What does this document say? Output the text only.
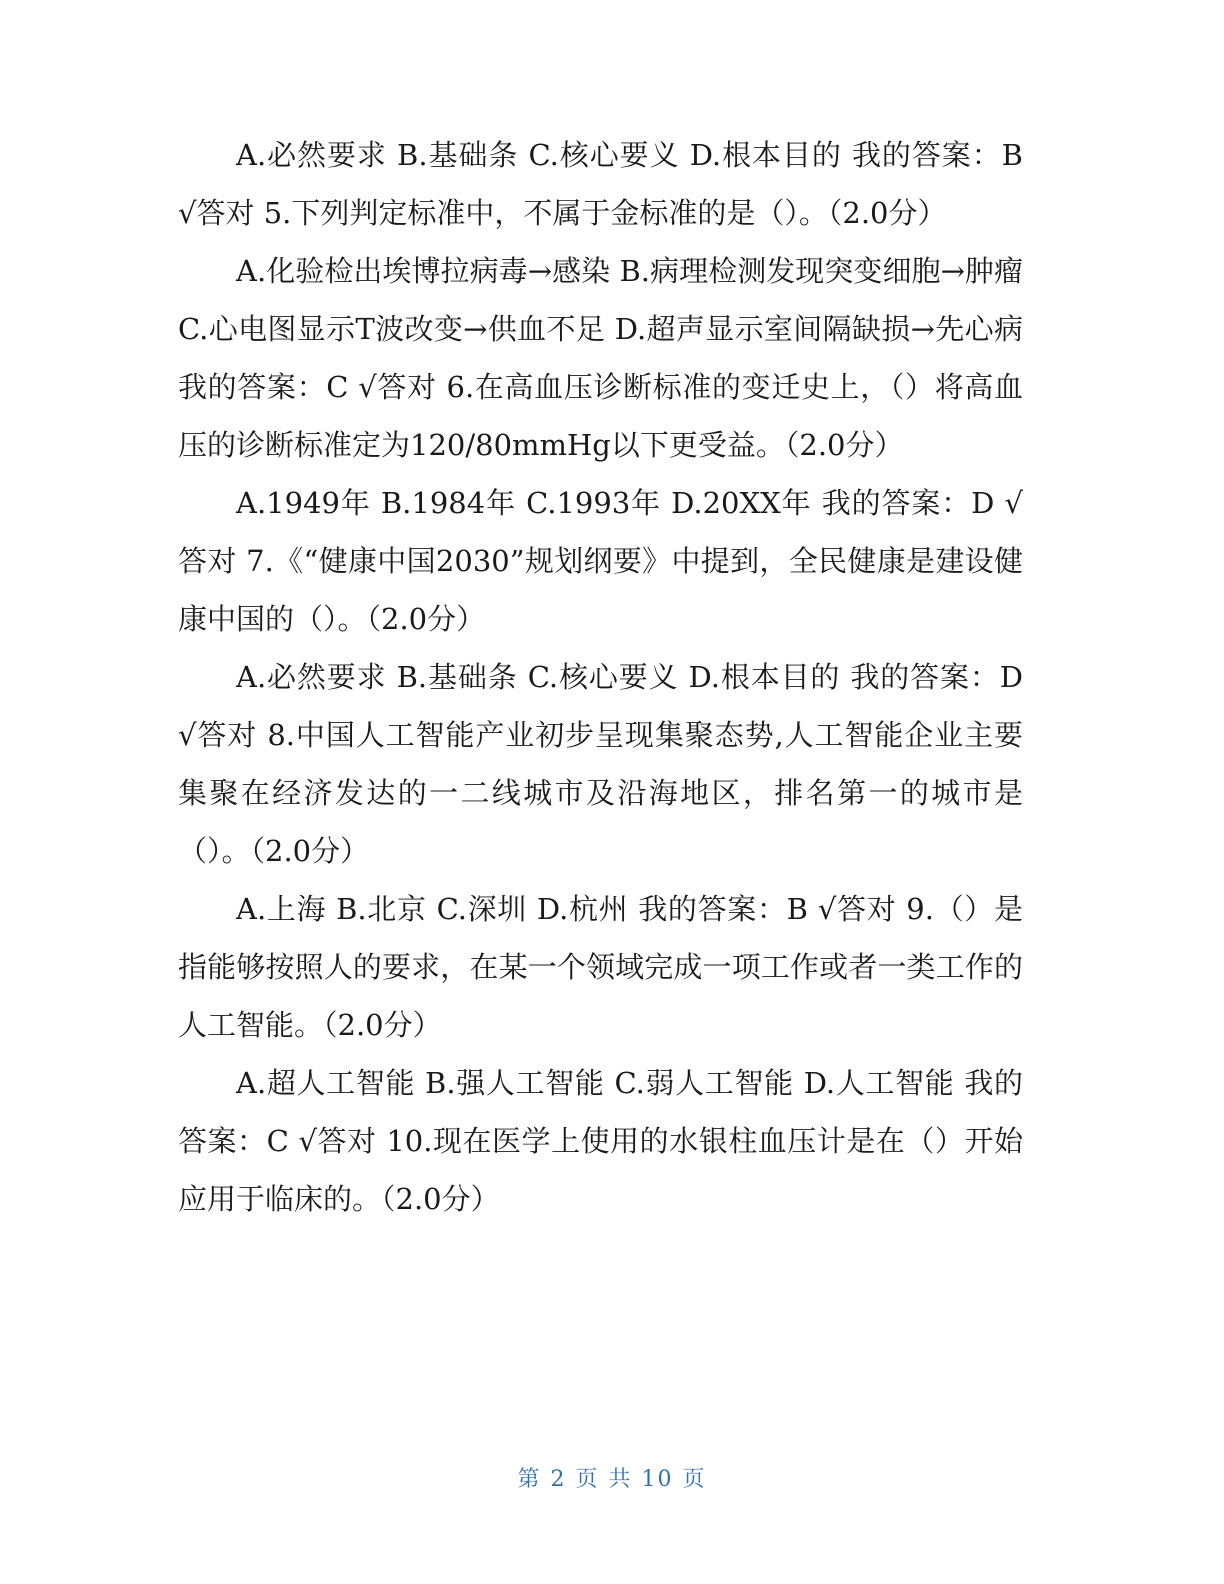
A.必然要求 B.基础条 C.核心要义 D.根本目的 我的答案：B √答对 5.下列判定标准中，不属于金标准的是（）。（2.0分）

A.化验检出埃博拉病毒→感染 B.病理检测发现突变细胞→肿瘤 C.心电图显示T波改变→供血不足 D.超声显示室间隔缺损→先心病 我的答案：C √答对 6.在高血压诊断标准的变迁史上，（）将高血压的诊断标准定为120/80mmHg以下更受益。（2.0分）

A.1949年 B.1984年 C.1993年 D.20XX年 我的答案：D √答对 7.《“健康中国2030”规划纲要》中提到，全民健康是建设健康中国的（）。（2.0分）

A.必然要求 B.基础条 C.核心要义 D.根本目的 我的答案：D √答对 8.中国人工智能产业初步呈现集聚态势,人工智能企业主要集聚在经济发达的一二线城市及沿海地区，排名第一的城市是（）。（2.0分）

A.上海 B.北京 C.深圳 D.杭州 我的答案：B √答对 9.（）是指能够按照人的要求，在某一个领域完成一项工作或者一类工作的人工智能。（2.0分）

A.超人工智能 B.强人工智能 C.弱人工智能 D.人工智能 我的答案：C √答对 10.现在医学上使用的水银柱血压计是在（）开始应用于临床的。（2.0分）

第 2 页 共 10 页
